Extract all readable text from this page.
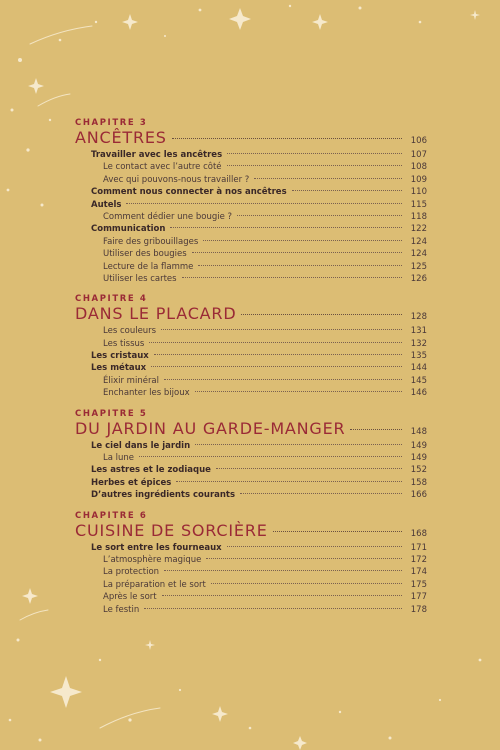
CHAPITRE 3
ANCÊTRES	106
Travailler avec les ancêtres	107
Le contact avec l’autre côté	108
Avec qui pouvons-nous travailler ?	109
Comment nous connecter à nos ancêtres	110
Autels	115
Comment dédier une bougie ?	118
Communication	122
Faire des gribouillages	124
Utiliser des bougies	124
Lecture de la flamme	125
Utiliser les cartes	126
CHAPITRE 4
DANS LE PLACARD	128
Les couleurs	131
Les tissus	132
Les cristaux	135
Les métaux	144
Élixir minéral	145
Enchanter les bijoux	146
CHAPITRE 5
DU JARDIN AU GARDE-MANGER	148
Le ciel dans le jardin	149
La lune	149
Les astres et le zodiaque	152
Herbes et épices	158
D’autres ingrédients courants	166
CHAPITRE 6
CUISINE DE SORCIÈRE	168
Le sort entre les fourneaux	171
L’atmosphère magique	172
La protection	174
La préparation et le sort	175
Après le sort	177
Le festin	178
